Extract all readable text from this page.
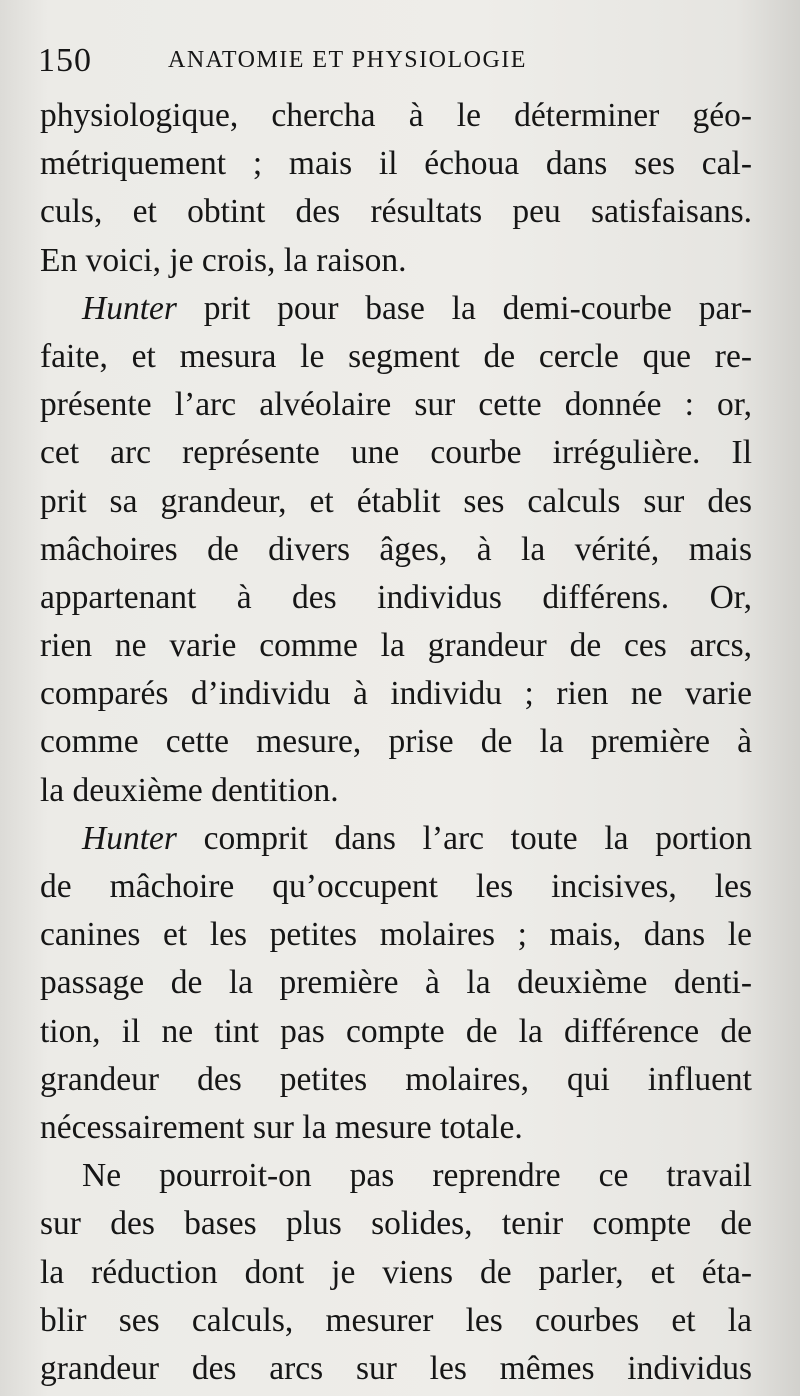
150	ANATOMIE ET PHYSIOLOGIE
physiologique, chercha à le déterminer géo-
métriquement ; mais il échoua dans ses cal-
culs, et obtint des résultats peu satisfaisans.
En voici, je crois, la raison.
Hunter prit pour base la demi-courbe par-
faite, et mesura le segment de cercle que re-
présente l’arc alvéolaire sur cette donnée : or,
cet arc représente une courbe irrégulière. Il
prit sa grandeur, et établit ses calculs sur des
mâchoires de divers âges, à la vérité, mais
appartenant à des individus différens. Or,
rien ne varie comme la grandeur de ces arcs,
comparés d’individu à individu ; rien ne varie
comme cette mesure, prise de la première à
la deuxième dentition.
Hunter comprit dans l’arc toute la portion
de mâchoire qu’occupent les incisives, les
canines et les petites molaires ; mais, dans le
passage de la première à la deuxième denti-
tion, il ne tint pas compte de la différence de
grandeur des petites molaires, qui influent
nécessairement sur la mesure totale.
Ne pourroit-on pas reprendre ce travail
sur des bases plus solides, tenir compte de
la réduction dont je viens de parler, et éta-
blir ses calculs, mesurer les courbes et la
grandeur des arcs sur les mêmes individus
